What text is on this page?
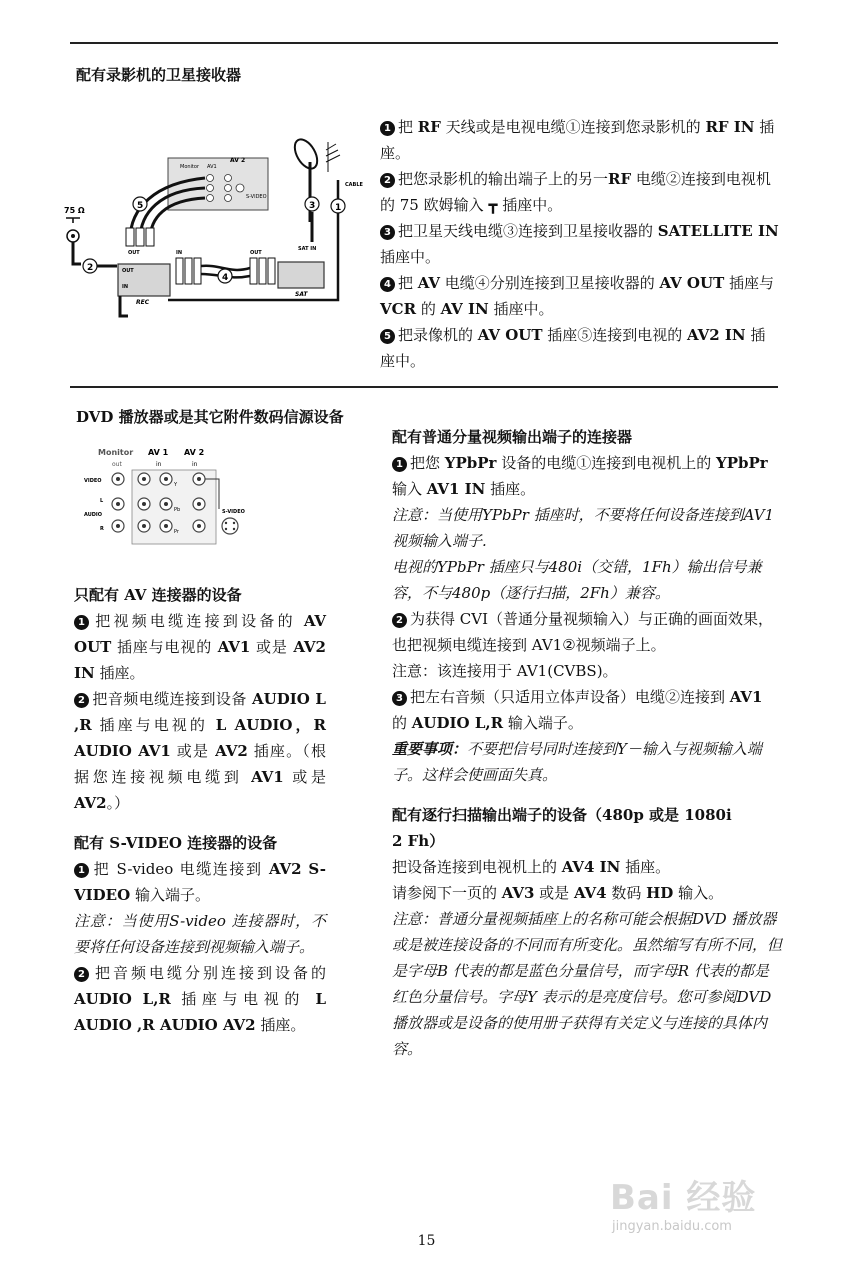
配有录影机的卫星接收器
75 Ω
2
Monitor AV1
AV 2
S-VIDEO
5
OUT
OUT
IN
REC
IN	OUT
4
SAT
SAT IN
3
CABLE
1

1 把 RF 天线或是电视电缆①连接到您录影机的 RF IN 插座。

2 把您录影机的输出端子上的另一RF 电缆②连接到电视机的 75 欧姆输入 ┳ 插座中。

3 把卫星天线电缆③连接到卫星接收器的 SATELLITE IN 插座中。

4 把 AV 电缆④分别连接到卫星接收器的 AV OUT 插座与 VCR 的 AV IN 插座中。

5 把录像机的 AV OUT 插座⑤连接到电视的 AV2 IN 插座中。

DVD 播放器或是其它附件数码信源设备
Monitor
out
AV 1
in
AV 2
in
VIDEO
AUDIO
L
R
S-VIDEO
Y
Pb
Pr

只配有 AV 连接器的设备

1 把视频电缆连接到设备的 AV OUT 插座与电视的 AV1 或是 AV2 IN 插座。

2 把音频电缆连接到设备 AUDIO L ,R 插座与电视的 L AUDIO，R AUDIO AV1 或是 AV2 插座。（根据您连接视频电缆到 AV1 或是 AV2。）

配有 S-VIDEO 连接器的设备

1 把 S-video 电缆连接到 AV2 S-VIDEO 输入端子。

注意：当使用S-video 连接器时，不要将任何设备连接到视频输入端子。

2 把音频电缆分别连接到设备的 AUDIO L,R 插座与电视的 L AUDIO ,R AUDIO AV2 插座。

配有普通分量视频输出端子的连接器

1 把您 YPbPr 设备的电缆①连接到电视机上的 YPbPr 输入 AV1 IN 插座。

注意：当使用YPbPr 插座时，不要将任何设备连接到AV1 视频输入端子.

电视的YPbPr 插座只与480i（交错，1Fh）输出信号兼容，不与480p（逐行扫描，2Fh）兼容。

2 为获得 CVI（普通分量视频输入）与正确的画面效果，也把视频电缆连接到 AV1②视频端子上。

注意：该连接用于 AV1(CVBS)。

3 把左右音频（只适用立体声设备）电缆②连接到 AV1 的 AUDIO L,R 输入端子。

重要事项：不要把信号同时连接到Y－输入与视频输入端子。这样会使画面失真。

配有逐行扫描输出端子的设备（480p 或是 1080i 2 Fh）

把设备连接到电视机上的 AV4 IN 插座。

请参阅下一页的 AV3 或是 AV4 数码 HD 输入。

注意：普通分量视频插座上的名称可能会根据DVD 播放器或是被连接设备的不同而有所变化。虽然缩写有所不同，但是字母B 代表的都是蓝色分量信号，而字母R 代表的都是红色分量信号。字母Y 表示的是亮度信号。您可参阅DVD 播放器或是设备的使用册子获得有关定义与连接的具体内容。

15
Bai 经验
jingyan.baidu.com
